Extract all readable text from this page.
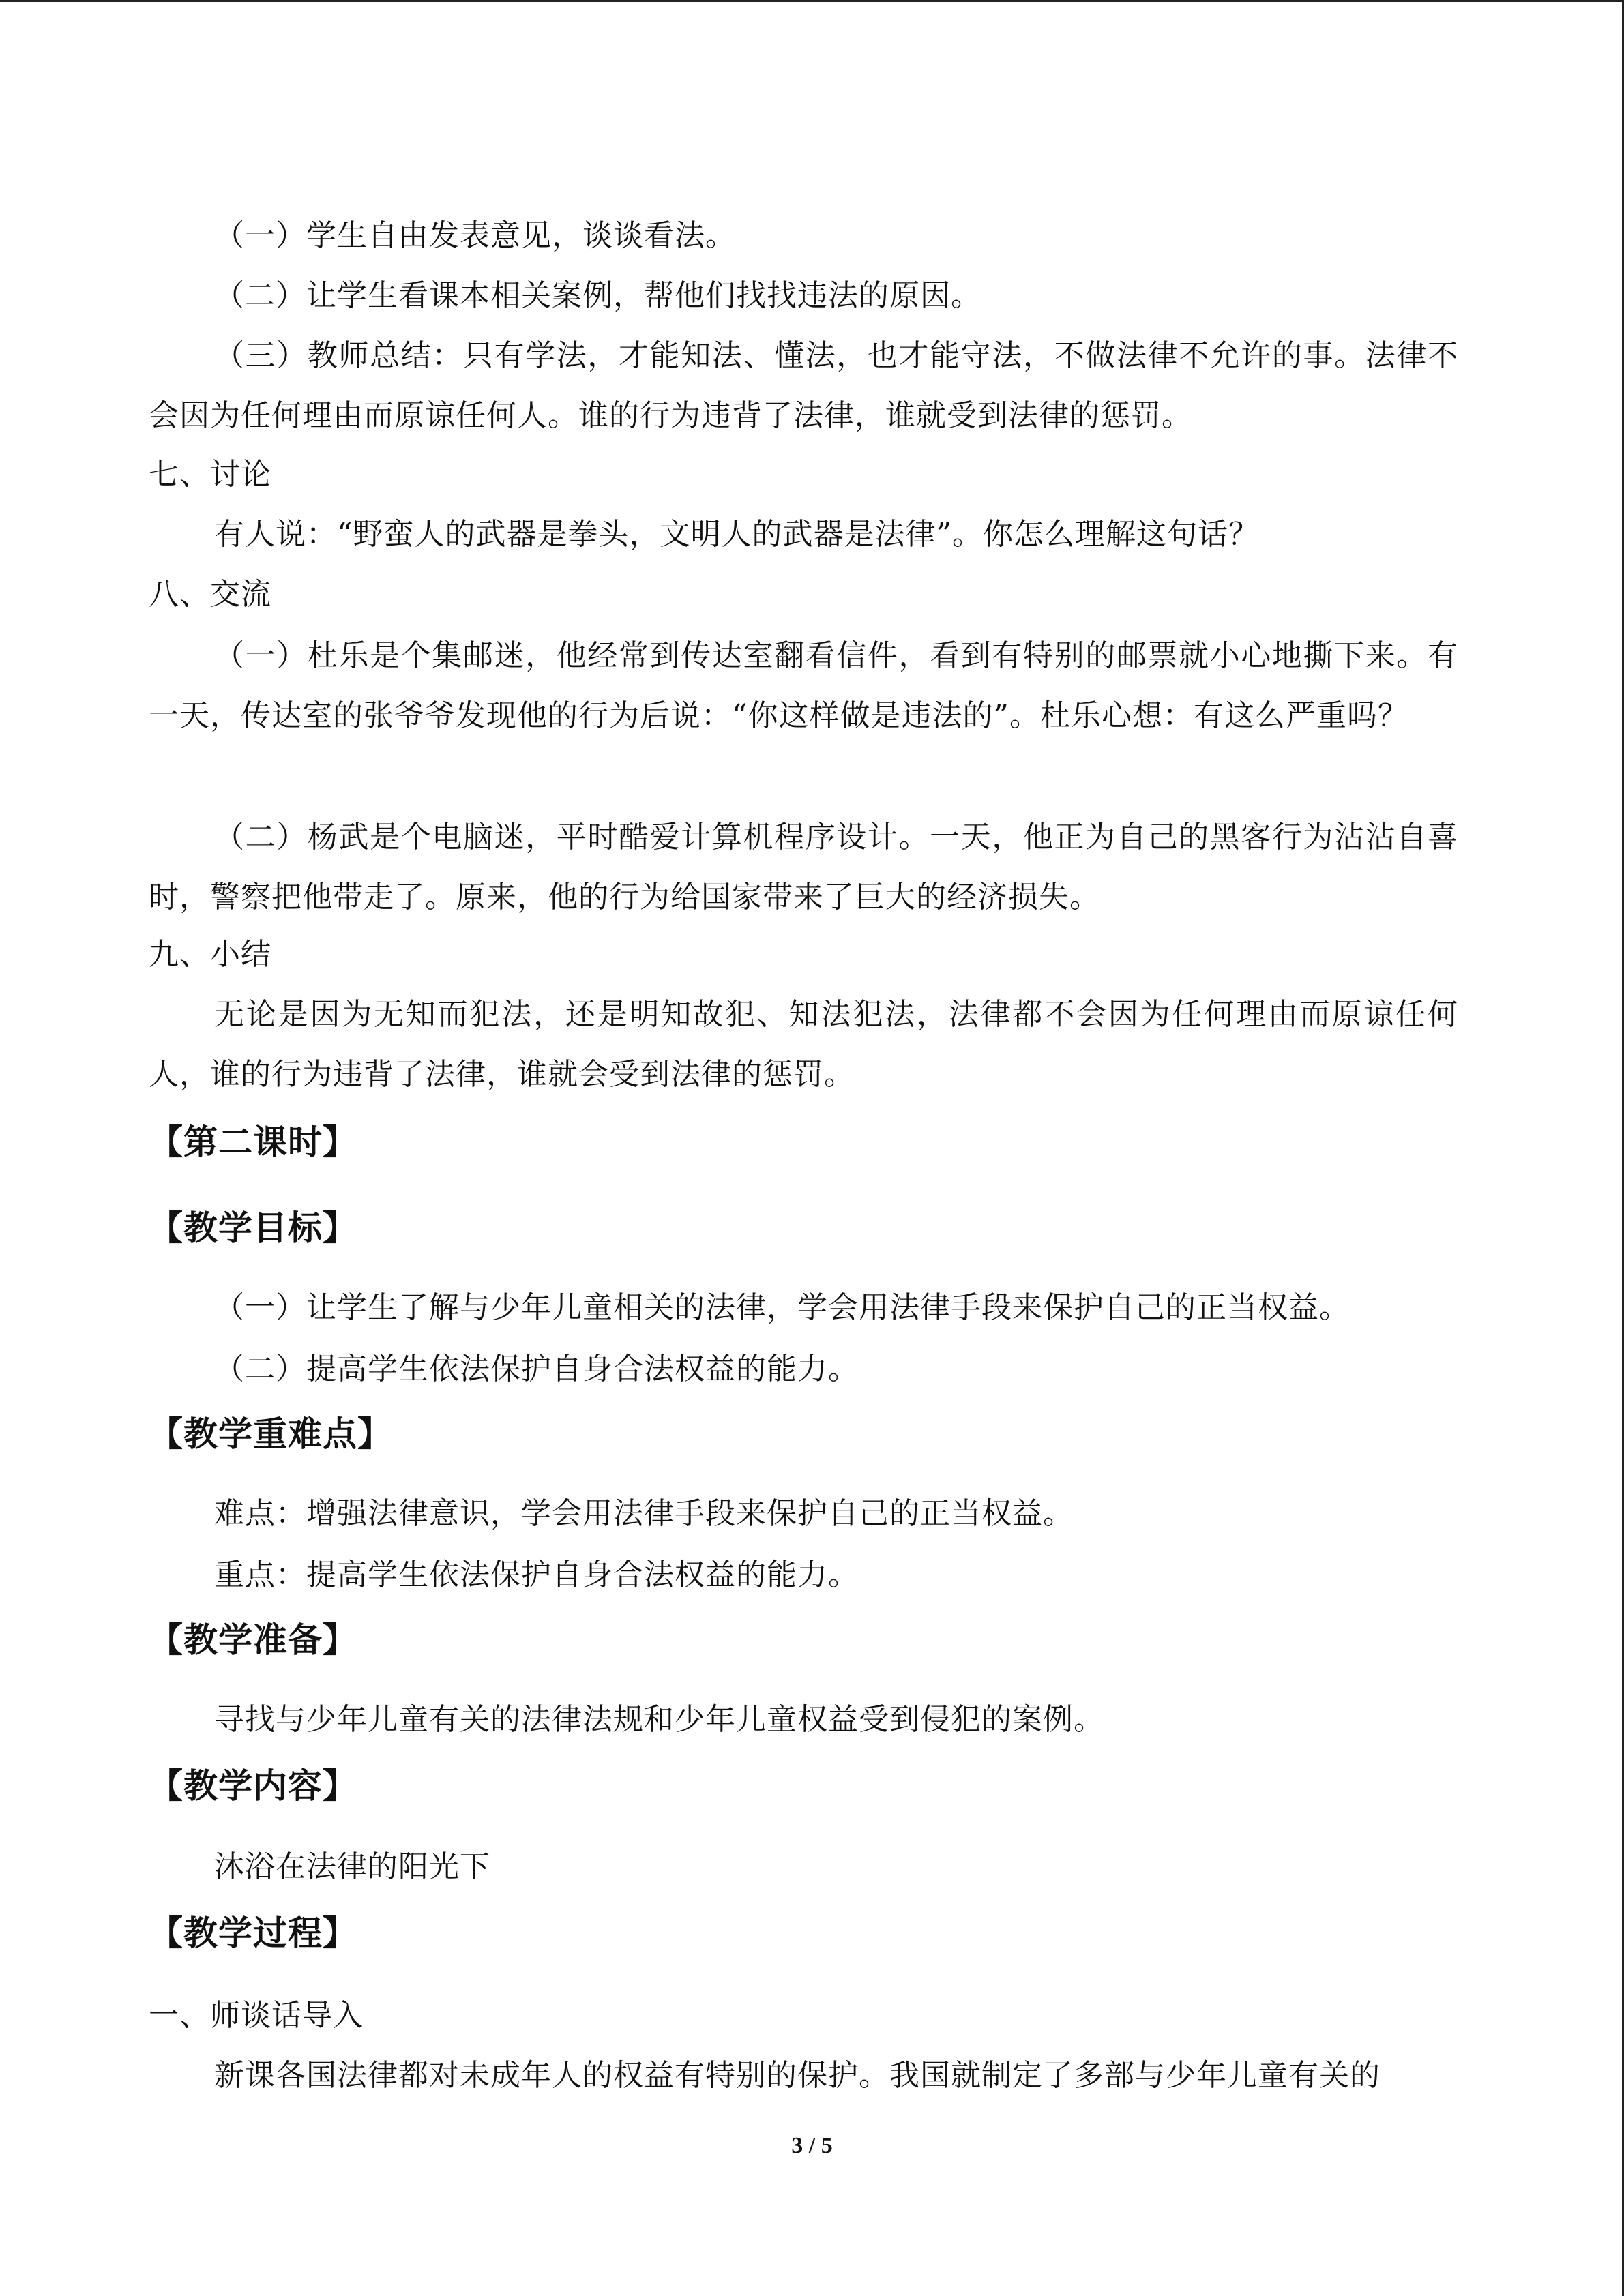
（一）学生自由发表意见，谈谈看法。
（二）让学生看课本相关案例，帮他们找找违法的原因。
（三）教师总结：只有学法，才能知法、懂法，也才能守法，不做法律不允许的事。法律不会因为任何理由而原谅任何人。谁的行为违背了法律，谁就受到法律的惩罚。
七、讨论
有人说：“野蛮人的武器是拳头，文明人的武器是法律”。你怎么理解这句话？
八、交流
（一）杜乐是个集邮迷，他经常到传达室翻看信件，看到有特别的邮票就小心地撕下来。有一天，传达室的张爷爷发现他的行为后说：“你这样做是违法的”。杜乐心想：有这么严重吗？
（二）杨武是个电脑迷，平时酷爱计算机程序设计。一天，他正为自己的黑客行为沾沾自喜时，警察把他带走了。原来，他的行为给国家带来了巨大的经济损失。
九、小结
无论是因为无知而犯法，还是明知故犯、知法犯法，法律都不会因为任何理由而原谅任何人，谁的行为违背了法律，谁就会受到法律的惩罚。
【第二课时】
【教学目标】
（一）让学生了解与少年儿童相关的法律，学会用法律手段来保护自己的正当权益。
（二）提高学生依法保护自身合法权益的能力。
【教学重难点】
难点：增强法律意识，学会用法律手段来保护自己的正当权益。
重点：提高学生依法保护自身合法权益的能力。
【教学准备】
寻找与少年儿童有关的法律法规和少年儿童权益受到侵犯的案例。
【教学内容】
沐浴在法律的阳光下
【教学过程】
一、师谈话导入
新课各国法律都对未成年人的权益有特别的保护。我国就制定了多部与少年儿童有关的
3 / 5
